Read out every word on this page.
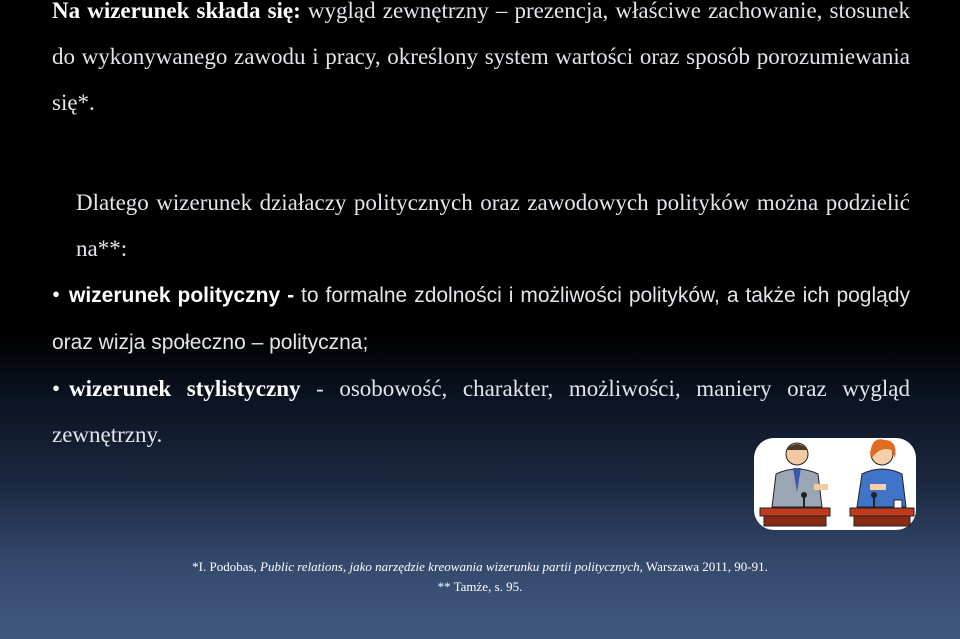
Na wizerunek składa się: wygląd zewnętrzny – prezencja, właściwe zachowanie, stosunek do wykonywanego zawodu i pracy, określony system wartości oraz sposób porozumiewania się*.
Dlatego wizerunek działaczy politycznych oraz zawodowych polityków można podzielić na**:
•wizerunek polityczny - to formalne zdolności i możliwości polityków, a także ich poglądy oraz wizja społeczno – polityczna;
•wizerunek stylistyczny - osobowość, charakter, możliwości, maniery oraz wygląd zewnętrzny.
*I. Podobas, Public relations, jako narzędzie kreowania wizerunku partii politycznych, Warszawa 2011, 90-91.
** Tamże, s. 95.
